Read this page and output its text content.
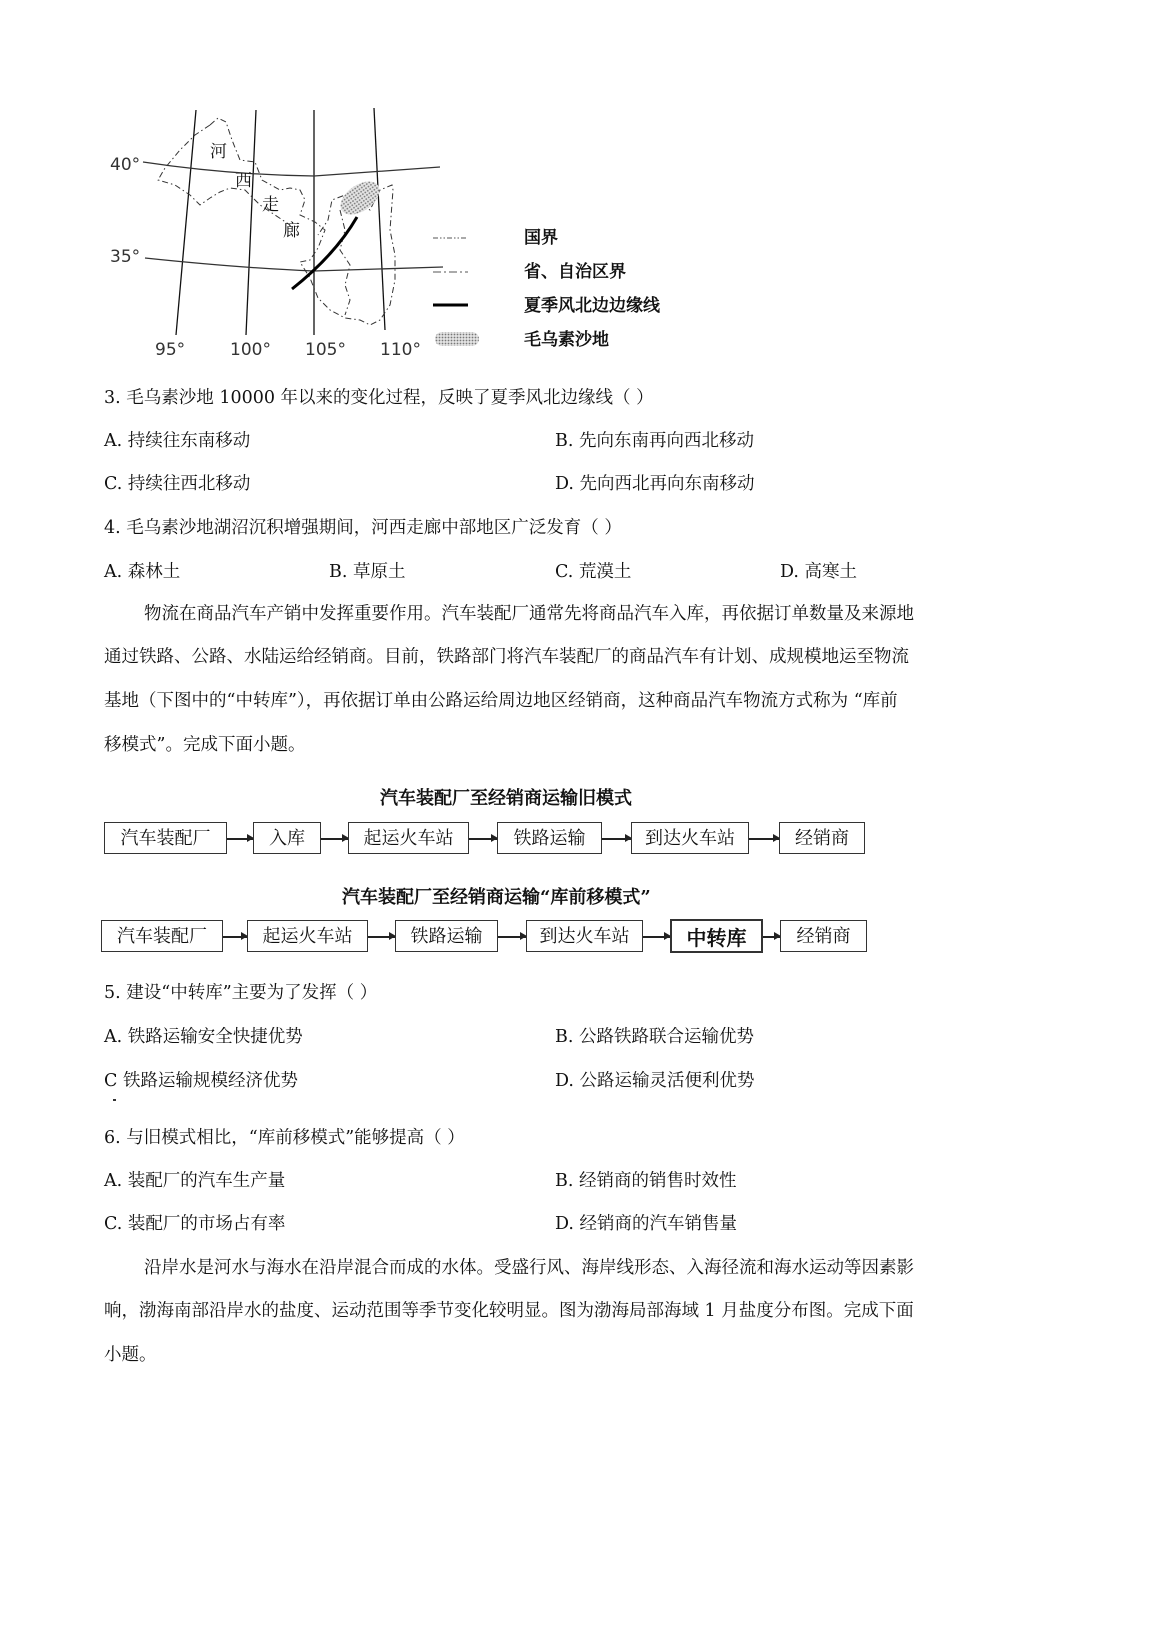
河
西
走
廊
40°
35°
95°	100° 105° 110°
国界
省、自治区界
夏季风北边边缘线
毛乌素沙地
3. 毛乌素沙地 10000 年以来的变化过程，反映了夏季风北边缘线（ ）
A. 持续往东南移动	B. 先向东南再向西北移动
C. 持续往西北移动	D. 先向西北再向东南移动
4. 毛乌素沙地湖沼沉积增强期间，河西走廊中部地区广泛发育（ ）
A. 森林土	B. 草原土	C. 荒漠土	D. 高寒土
物流在商品汽车产销中发挥重要作用。汽车装配厂通常先将商品汽车入库，再依据订单数量及来源地
通过铁路、公路、水陆运给经销商。目前，铁路部门将汽车装配厂的商品汽车有计划、成规模地运至物流
基地（下图中的“中转库”），再依据订单由公路运给周边地区经销商，这种商品汽车物流方式称为 “库前
移模式”。完成下面小题。
汽车装配厂至经销商运输旧模式
汽车装配厂	入库	起运火车站	铁路运输	到达火车站	经销商
汽车装配厂至经销商运输“库前移模式”
汽车装配厂	起运火车站	铁路运输	到达火车站	中转库	经销商
5. 建设“中转库”主要为了发挥（ ）
A. 铁路运输安全快捷优势	B. 公路铁路联合运输优势
C 铁路运输规模经济优势	D. 公路运输灵活便利优势
6. 与旧模式相比，“库前移模式”能够提高（ ）
A. 装配厂的汽车生产量	B. 经销商的销售时效性
C. 装配厂的市场占有率	D. 经销商的汽车销售量
沿岸水是河水与海水在沿岸混合而成的水体。受盛行风、海岸线形态、入海径流和海水运动等因素影
响，渤海南部沿岸水的盐度、运动范围等季节变化较明显。图为渤海局部海域 1 月盐度分布图。完成下面
小题。
